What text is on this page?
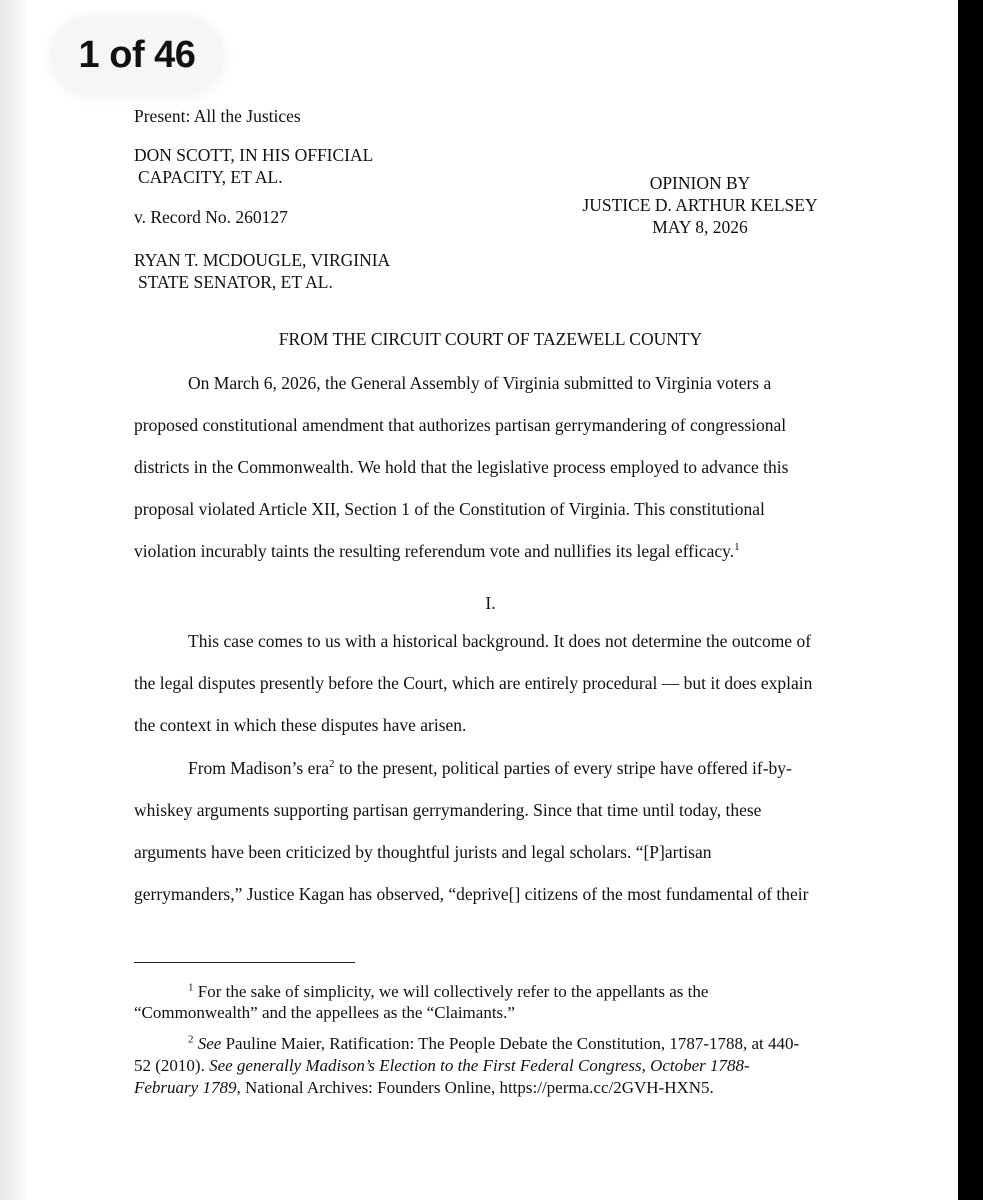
1 of 46
Present: All the Justices
DON SCOTT, IN HIS OFFICIAL
CAPACITY, ET AL.
v. Record No. 260127
RYAN T. MCDOUGLE, VIRGINIA
STATE SENATOR, ET AL.
OPINION BY
JUSTICE D. ARTHUR KELSEY
MAY 8, 2026
FROM THE CIRCUIT COURT OF TAZEWELL COUNTY
On March 6, 2026, the General Assembly of Virginia submitted to Virginia voters a
proposed constitutional amendment that authorizes partisan gerrymandering of congressional
districts in the Commonwealth. We hold that the legislative process employed to advance this
proposal violated Article XII, Section 1 of the Constitution of Virginia. This constitutional
violation incurably taints the resulting referendum vote and nullifies its legal efficacy.$^1$
I.
This case comes to us with a historical background. It does not determine the outcome of
the legal disputes presently before the Court, which are entirely procedural — but it does explain
the context in which these disputes have arisen.
From Madison’s era$^2$ to the present, political parties of every stripe have offered if-by-
whiskey arguments supporting partisan gerrymandering. Since that time until today, these
arguments have been criticized by thoughtful jurists and legal scholars. “[P]artisan
gerrymanders,” Justice Kagan has observed, “deprive[] citizens of the most fundamental of their
$^1$ For the sake of simplicity, we will collectively refer to the appellants as the
“Commonwealth” and the appellees as the “Claimants.”
$^2$ See Pauline Maier, Ratification: The People Debate the Constitution, 1787-1788, at 440-
52 (2010). See generally Madison’s Election to the First Federal Congress, October 1788-
February 1789, National Archives: Founders Online, https://perma.cc/2GVH-HXN5.
